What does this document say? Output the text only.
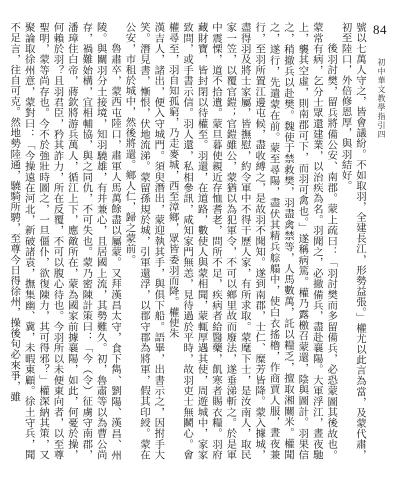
84
初中華文教學指引四

號以七萬人守之，皆會議紛。不如取羽，全建長江，形勢益張。」權尤以此言為當，及蒙代肅，初至陸口，外倍修恩厚，與羽結好。

後羽討樊，留兵將備公安、南郡。蒙上疏曰：「羽討樊而多留備兵，必恐蒙圖其後故也。蒙常有病，乞分士眾還建業，以治疾為名。羽聞之，必撤備兵，盡赴襄陽。大軍浮江，晝夜馳上，襲其空虛，則南郡可下，而羽可禽也。」遂稱病篤。權乃露檄召蒙還，陰與圖計。羽果信之，稍撤兵以赴樊。魏使于禁救樊，羽盡禽禁等，人馬數萬，託以糧乏，擅取湘關米。權聞之，遂行，先遣蒙在前。蒙至尋陽，盡伏其精兵䑸䑽中，使白衣搖櫓，作商賈人服，晝夜兼行，至羽所置江邊屯候，盡收縛之，是故羽不聞知。遂到南郡，士仁、糜芳皆降。蒙入據城，盡得羽及將士家屬，皆撫慰，約令軍中不得干歷人家，有所求取。蒙麾下士，是汝南人，取民家一笠，以覆官鎧；官鎧雖公，蒙猶以為犯軍令，不可以鄉里故而廢法，遂垂涕斬之。於是軍中震慄，道不拾遺。蒙旦暮使親近存恤耆老，問所不足，疾病者給醫藥，飢寒者賜衣糧。羽府藏財寶，皆封閉以待權至。羽還，在道路，數使人與蒙相聞，蒙輒厚遇其使，周遊城中，家家致問，或手書示信。羽人還，私相參訊，咸知家門無恙，見待過於平時，故羽吏士無鬭心。會權尋至，羽自知孤窮，乃走麥城，西至漳鄉，眾皆委羽而降。權使朱

漢吉人，諸出，便入守城門。須臾潛出，蒙迎執其手，與俱下船。語畢，出書示之，因拊手大笑。潛見書，慚恨，伏地流涕。蒙留孫規於城，引軍還浮，以郡守郡為將軍，假其印綬。蒙在公安，市租於城中，然後將還。鄉人仁，歸之蒙前。

魯肅卒，蒙西屯陸口，肅軍人馬萬餘盡以屬蒙。又拜漢昌太守，食下雋、劉陽、漢昌、州陵。與關羽分土接境，知羽驍雄，有并兼心，且居國上流，其勢難久。初，魯肅等以為曹公尚存，禍難始構，宜相輔協，與之同仇，不可失也。蒙乃密陳計策曰：「今（令）征虜守南郡，潘璋住白帝，蔣欽將游兵萬人，循江上下，應敵所在，蒙為國家前據襄陽，如此，何憂於操，何賴於羽？且羽君臣，矜其詐力，所在反覆，不可以腹心待也。今羽所以未便東向者，以至尊聖明，蒙等尚存也。今不於強壯時圖之，一旦僵仆，欲復陳力，其可得邪？」權深納其策，又聚論取徐州意，蒙對曰：「今操遠在河北，新破諸袁，撫集幽、冀，未暇東顧。徐土守兵，聞不足言，往自可克。然地勢陸通，驍騎所騁，至尊今日得徐州，操後旬必來爭，雖
